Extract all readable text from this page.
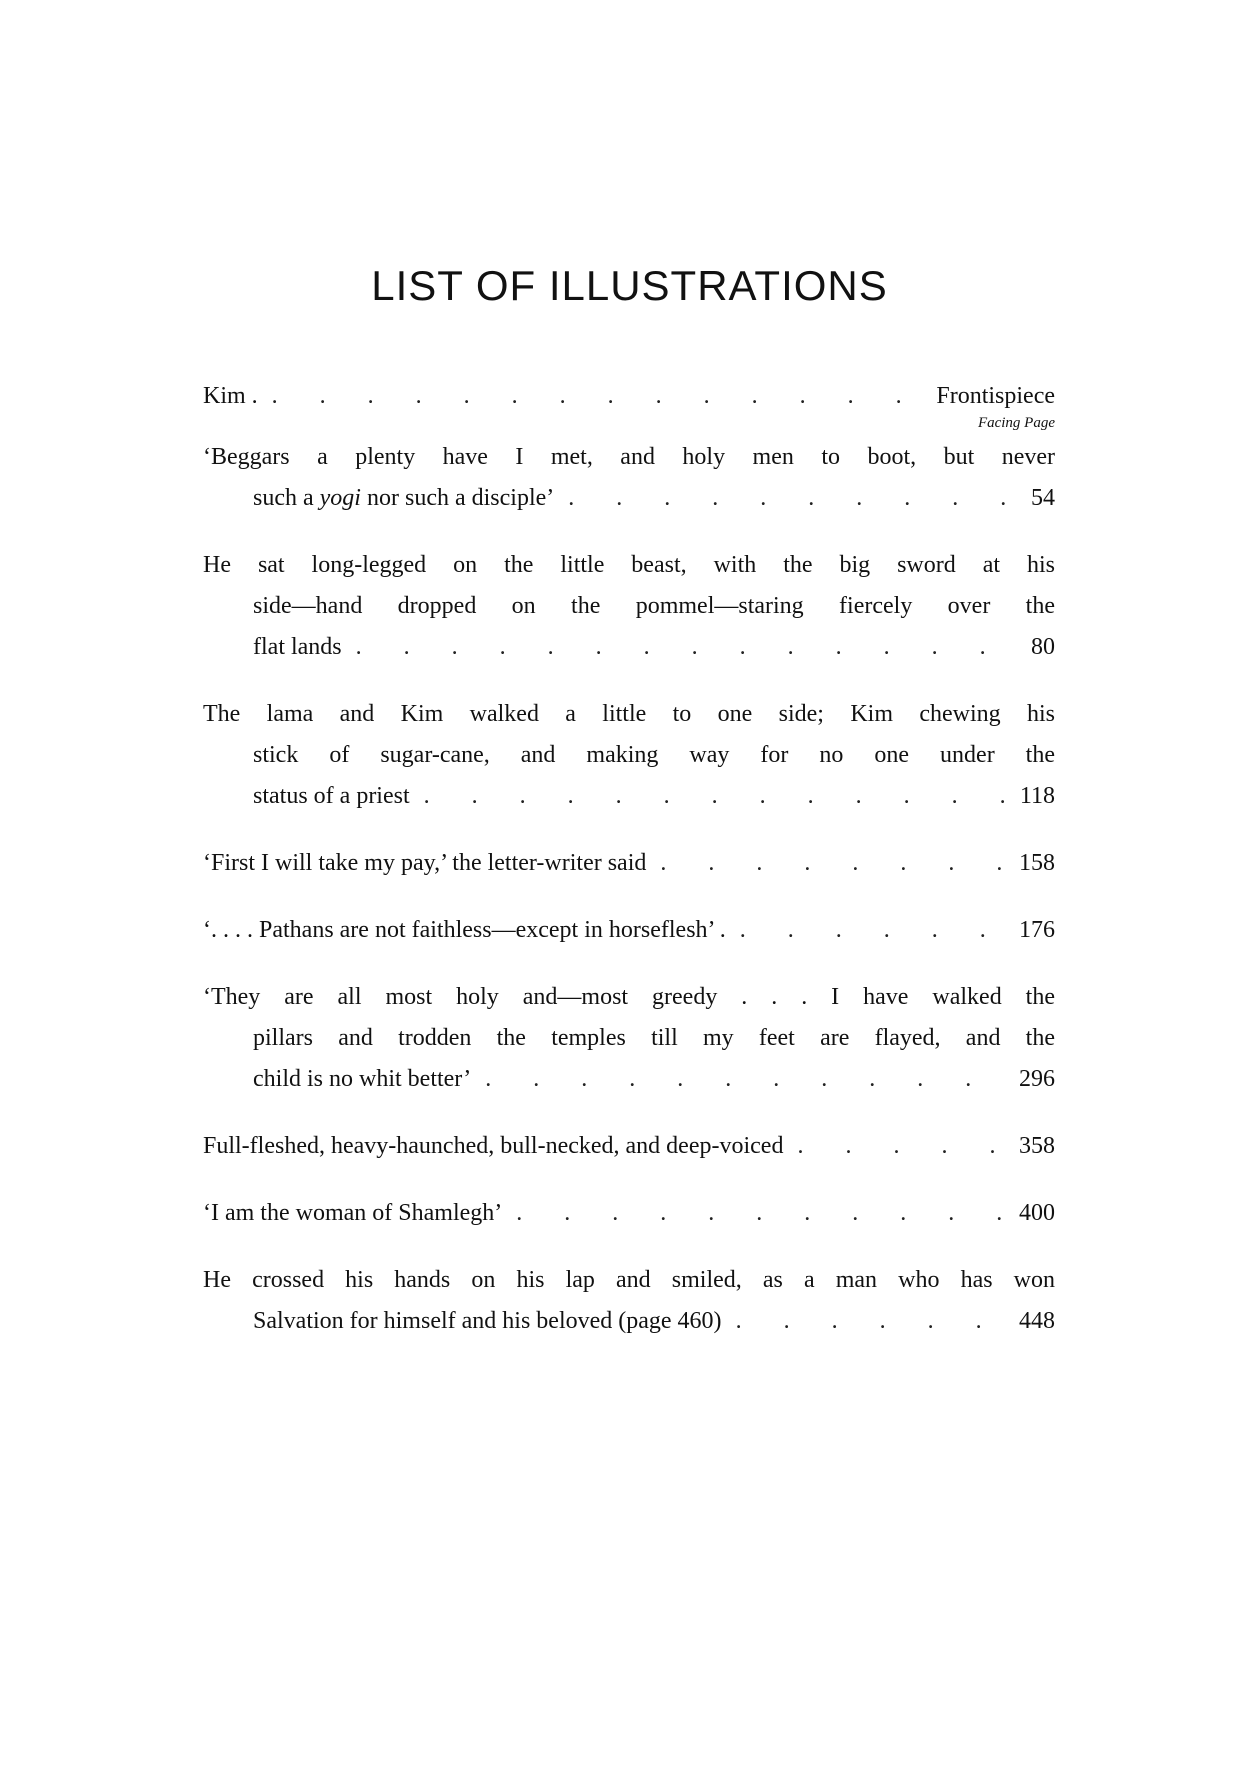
LIST OF ILLUSTRATIONS
Kim . . . .	Frontispiece
Facing Page
‘Beggars a plenty have I met, and holy men to boot, but never
such a yogi nor such a disciple’ . . .	54
He sat long-legged on the little beast, with the big sword at his
side—hand dropped on the pommel—staring fiercely over the
flat lands . . .	80
The lama and Kim walked a little to one side; Kim chewing his
stick of sugar-cane, and making way for no one under the
status of a priest . . .	118
‘First I will take my pay,’ the letter-writer said . . .	158
‘. . . . Pathans are not faithless—except in horseflesh’ . . . .	176
‘They are all most holy and—most greedy . . . I have walked the
pillars and trodden the temples till my feet are flayed, and the
child is no whit better’ . . .	296
Full-fleshed, heavy-haunched, bull-necked, and deep-voiced . . .	358
‘I am the woman of Shamlegh’ . . .	400
He crossed his hands on his lap and smiled, as a man who has won
Salvation for himself and his beloved (page 460) . . .	448
